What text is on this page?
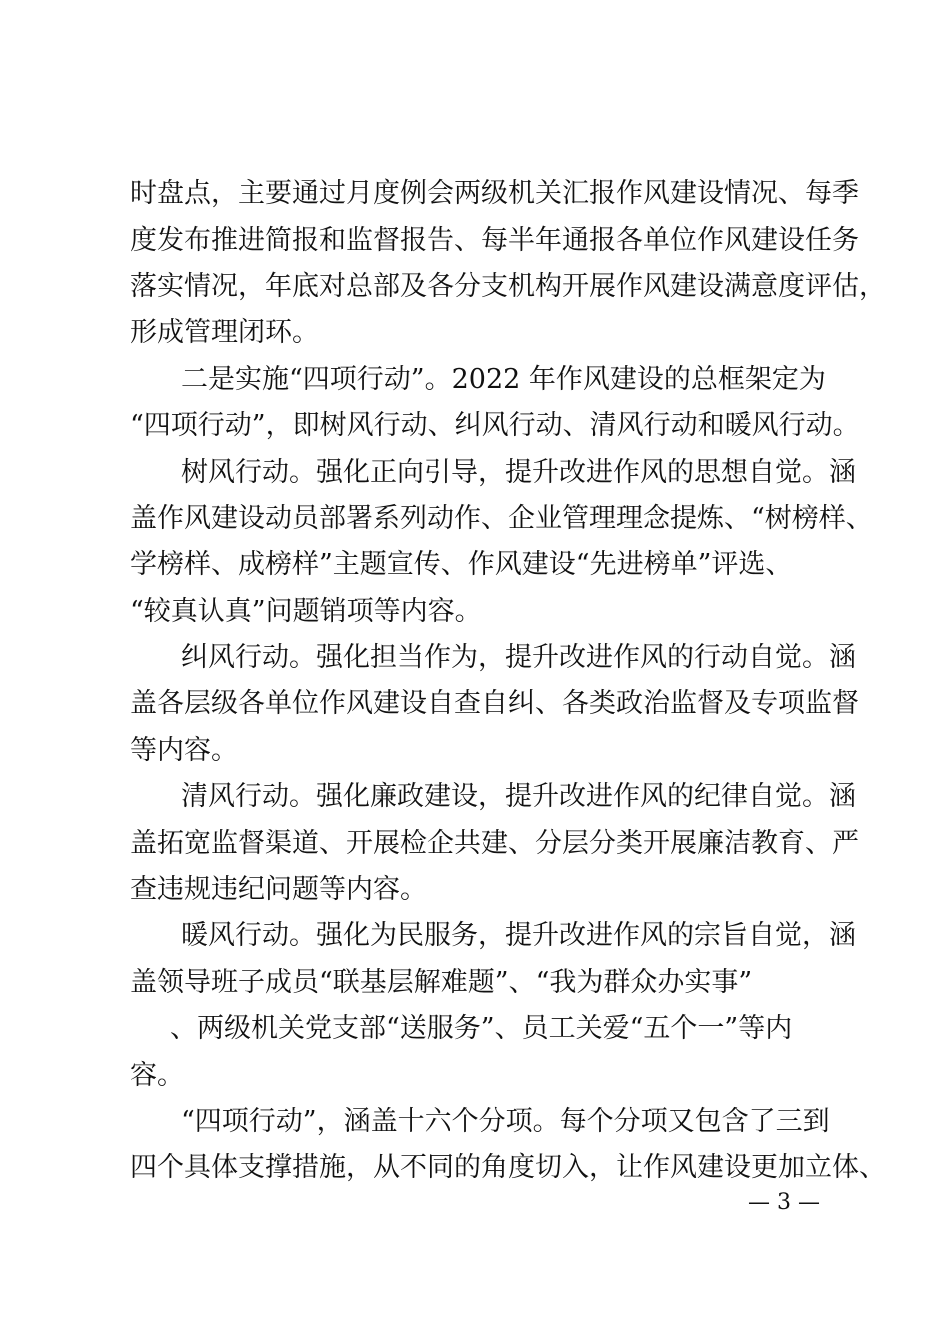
时盘点，主要通过月度例会两级机关汇报作风建设情况、每季
度发布推进简报和监督报告、每半年通报各单位作风建设任务
落实情况，年底对总部及各分支机构开展作风建设满意度评估，
形成管理闭环。
二是实施“四项行动”。2022 年作风建设的总框架定为
“四项行动”，即树风行动、纠风行动、清风行动和暖风行动。
树风行动。强化正向引导，提升改进作风的思想自觉。涵
盖作风建设动员部署系列动作、企业管理理念提炼、“树榜样、
学榜样、成榜样”主题宣传、作风建设“先进榜单”评选、
“较真认真”问题销项等内容。
纠风行动。强化担当作为，提升改进作风的行动自觉。涵
盖各层级各单位作风建设自查自纠、各类政治监督及专项监督
等内容。
清风行动。强化廉政建设，提升改进作风的纪律自觉。涵
盖拓宽监督渠道、开展检企共建、分层分类开展廉洁教育、严
查违规违纪问题等内容。
暖风行动。强化为民服务，提升改进作风的宗旨自觉，涵
盖领导班子成员“联基层解难题”、“我为群众办实事”
、两级机关党支部“送服务”、员工关爱“五个一”等内
容。
“四项行动”，涵盖十六个分项。每个分项又包含了三到
四个具体支撑措施，从不同的角度切入，让作风建设更加立体、
— 3 —
